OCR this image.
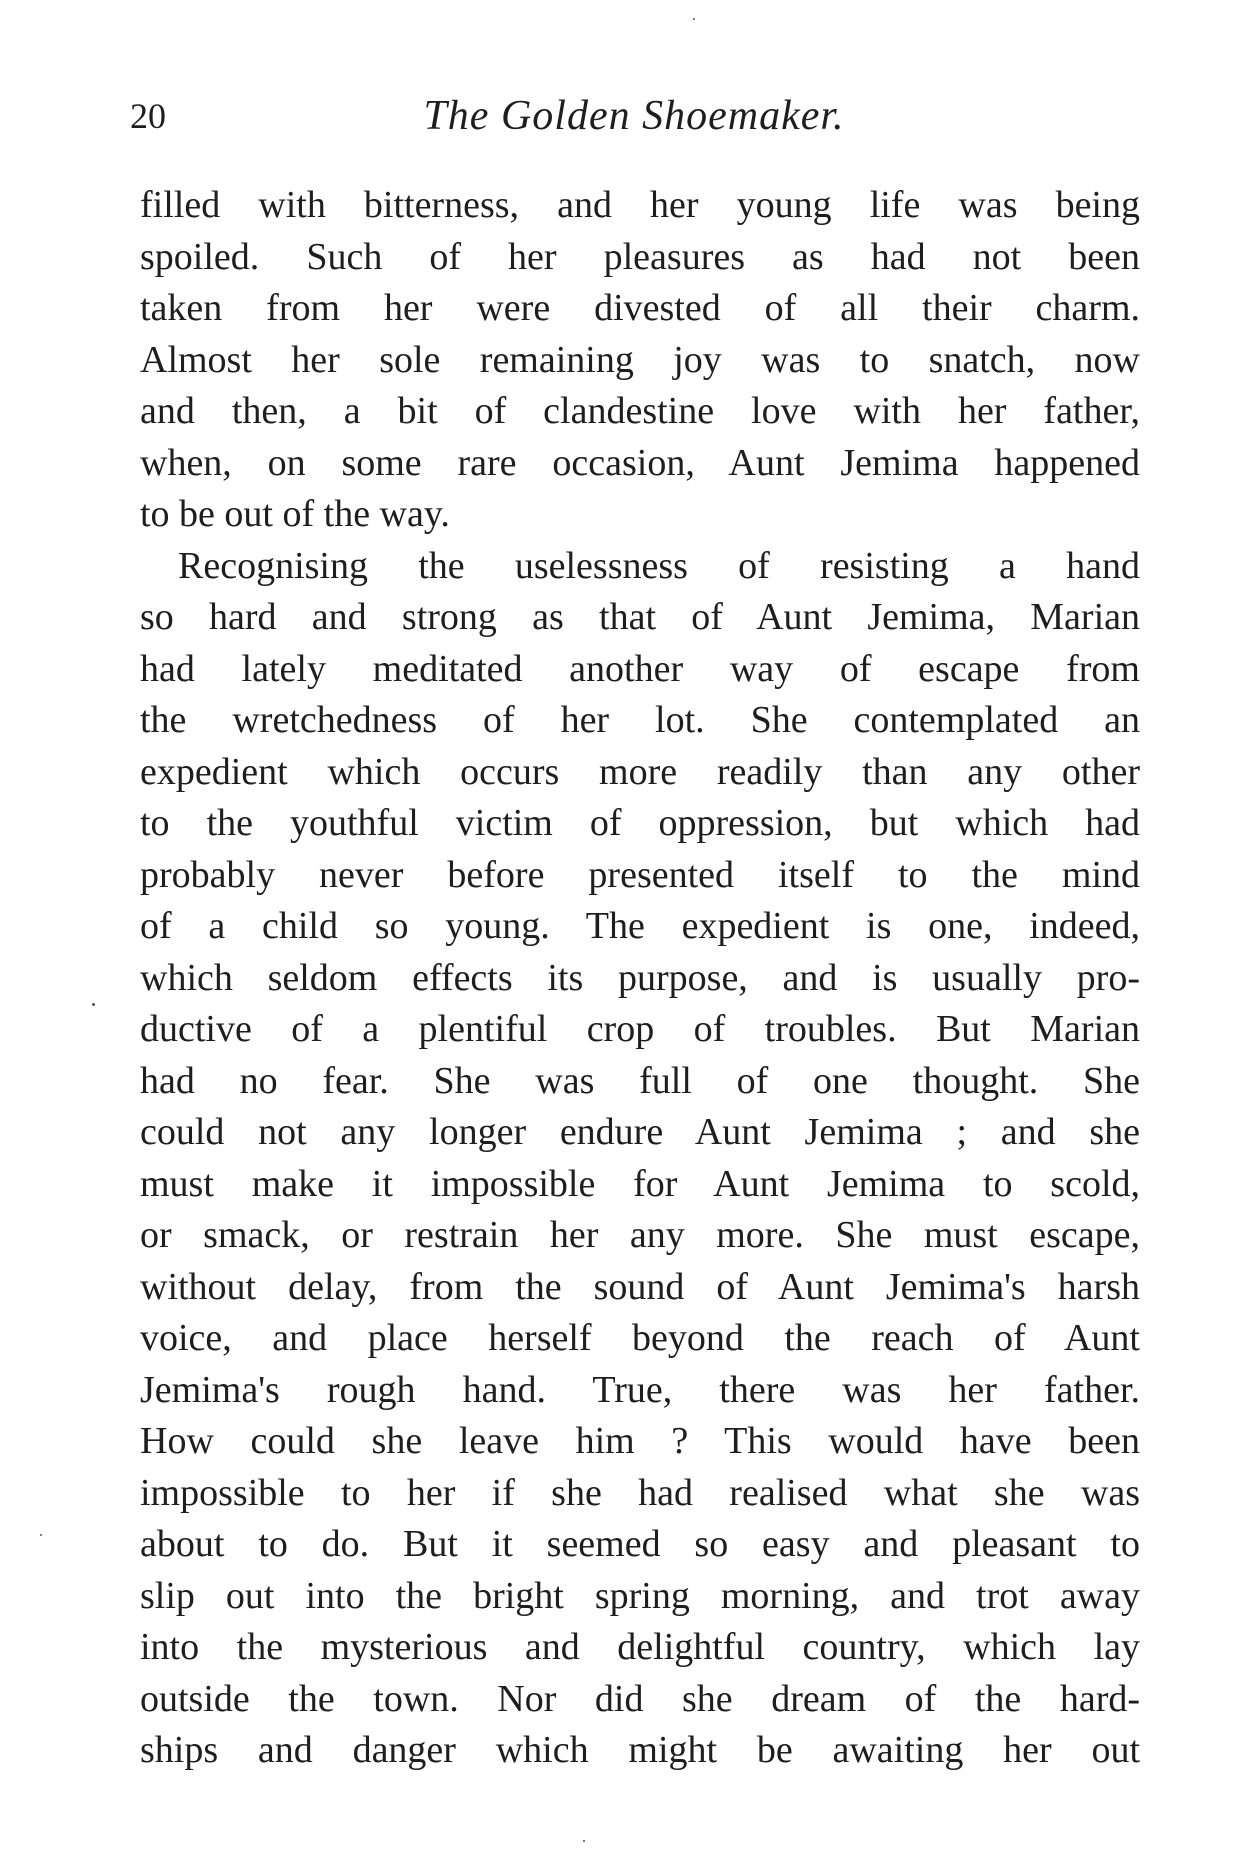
20	The Golden Shoemaker.
filled with bitterness, and her young life was being
spoiled. Such of her pleasures as had not been
taken from her were divested of all their charm.
Almost her sole remaining joy was to snatch, now
and then, a bit of clandestine love with her father,
when, on some rare occasion, Aunt Jemima happened
to be out of the way.
Recognising the uselessness of resisting a hand
so hard and strong as that of Aunt Jemima, Marian
had lately meditated another way of escape from
the wretchedness of her lot. She contemplated an
expedient which occurs more readily than any other
to the youthful victim of oppression, but which had
probably never before presented itself to the mind
of a child so young. The expedient is one, indeed,
which seldom effects its purpose, and is usually pro-
ductive of a plentiful crop of troubles. But Marian
had no fear. She was full of one thought. She
could not any longer endure Aunt Jemima ; and she
must make it impossible for Aunt Jemima to scold,
or smack, or restrain her any more. She must escape,
without delay, from the sound of Aunt Jemima's harsh
voice, and place herself beyond the reach of Aunt
Jemima's rough hand. True, there was her father.
How could she leave him ? This would have been
impossible to her if she had realised what she was
about to do. But it seemed so easy and pleasant to
slip out into the bright spring morning, and trot away
into the mysterious and delightful country, which lay
outside the town. Nor did she dream of the hard-
ships and danger which might be awaiting her out
